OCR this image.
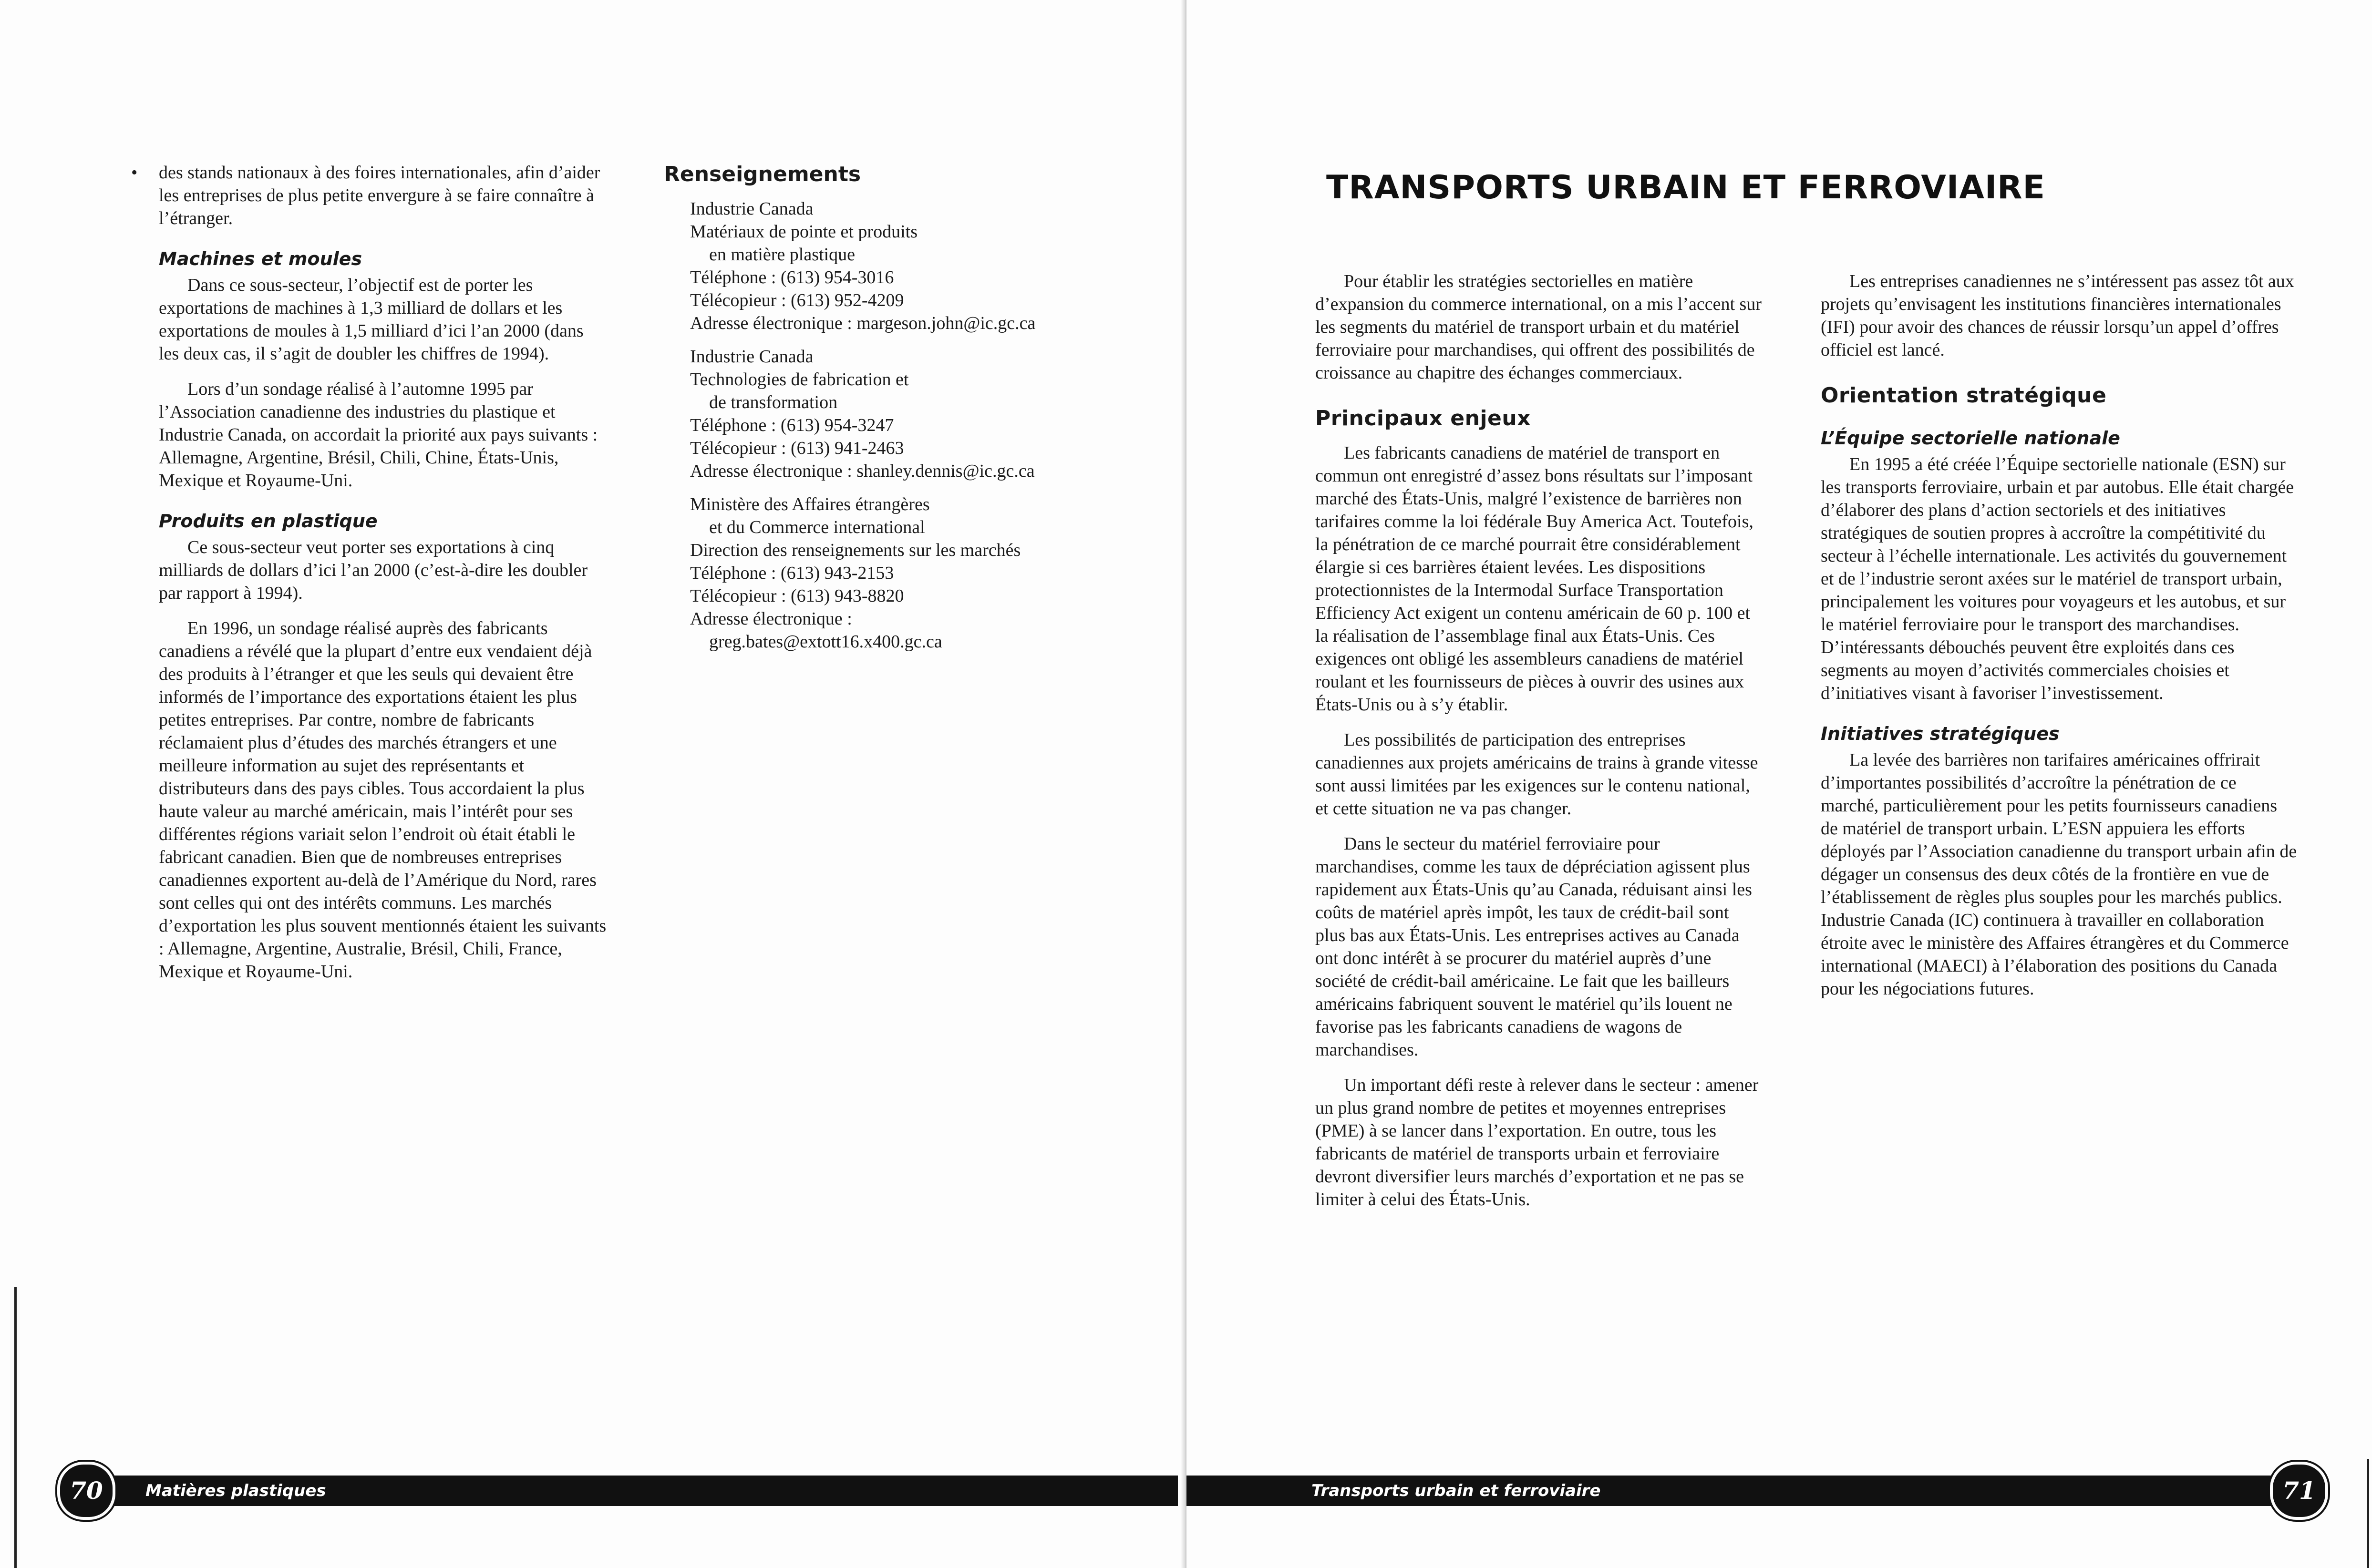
• des stands nationaux à des foires internationales, afin d’aider les entreprises de plus petite envergure à se faire connaître à l’étranger.
Machines et moules

Dans ce sous-secteur, l’objectif est de porter les exportations de machines à 1,3 milliard de dollars et les exportations de moules à 1,5 milliard d’ici l’an 2000 (dans les deux cas, il s’agit de doubler les chiffres de 1994).

Lors d’un sondage réalisé à l’automne 1995 par l’Association canadienne des industries du plastique et Industrie Canada, on accordait la priorité aux pays suivants : Allemagne, Argentine, Brésil, Chili, Chine, États-Unis, Mexique et Royaume-Uni.

Produits en plastique

Ce sous-secteur veut porter ses exportations à cinq milliards de dollars d’ici l’an 2000 (c’est-à-dire les doubler par rapport à 1994).

En 1996, un sondage réalisé auprès des fabricants canadiens a révélé que la plupart d’entre eux vendaient déjà des produits à l’étranger et que les seuls qui devaient être informés de l’importance des exportations étaient les plus petites entreprises. Par contre, nombre de fabricants réclamaient plus d’études des marchés étrangers et une meilleure information au sujet des représentants et distributeurs dans des pays cibles. Tous accordaient la plus haute valeur au marché américain, mais l’intérêt pour ses différentes régions variait selon l’endroit où était établi le fabricant canadien. Bien que de nombreuses entreprises canadiennes exportent au-delà de l’Amérique du Nord, rares sont celles qui ont des intérêts communs. Les marchés d’exportation les plus souvent mentionnés étaient les suivants : Allemagne, Argentine, Australie, Brésil, Chili, France, Mexique et Royaume-Uni.

Renseignements
Industrie Canada
Matériaux de pointe et produits
en matière plastique
Téléphone : (613) 954-3016
Télécopieur : (613) 952-4209
Adresse électronique : margeson.john@ic.gc.ca
Industrie Canada
Technologies de fabrication et
de transformation
Téléphone : (613) 954-3247
Télécopieur : (613) 941-2463
Adresse électronique : shanley.dennis@ic.gc.ca
Ministère des Affaires étrangères
et du Commerce international
Direction des renseignements sur les marchés
Téléphone : (613) 943-2153
Télécopieur : (613) 943-8820
Adresse électronique :
greg.bates@extott16.x400.gc.ca
Matières plastiques
70
TRANSPORTS URBAIN ET FERROVIAIRE

Pour établir les stratégies sectorielles en matière d’expansion du commerce international, on a mis l’accent sur les segments du matériel de transport urbain et du matériel ferroviaire pour marchandises, qui offrent des possibilités de croissance au chapitre des échanges commerciaux.

Principaux enjeux

Les fabricants canadiens de matériel de transport en commun ont enregistré d’assez bons résultats sur l’imposant marché des États-Unis, malgré l’existence de barrières non tarifaires comme la loi fédérale Buy America Act. Toutefois, la pénétration de ce marché pourrait être considérablement élargie si ces barrières étaient levées. Les dispositions protectionnistes de la Intermodal Surface Transportation Efficiency Act exigent un contenu américain de 60 p. 100 et la réalisation de l’assemblage final aux États-Unis. Ces exigences ont obligé les assembleurs canadiens de matériel roulant et les fournisseurs de pièces à ouvrir des usines aux États-Unis ou à s’y établir.

Les possibilités de participation des entreprises canadiennes aux projets américains de trains à grande vitesse sont aussi limitées par les exigences sur le contenu national, et cette situation ne va pas changer.

Dans le secteur du matériel ferroviaire pour marchandises, comme les taux de dépréciation agissent plus rapidement aux États-Unis qu’au Canada, réduisant ainsi les coûts de matériel après impôt, les taux de crédit-bail sont plus bas aux États-Unis. Les entreprises actives au Canada ont donc intérêt à se procurer du matériel auprès d’une société de crédit-bail américaine. Le fait que les bailleurs américains fabriquent souvent le matériel qu’ils louent ne favorise pas les fabricants canadiens de wagons de marchandises.

Un important défi reste à relever dans le secteur : amener un plus grand nombre de petites et moyennes entreprises (PME) à se lancer dans l’exportation. En outre, tous les fabricants de matériel de transports urbain et ferroviaire devront diversifier leurs marchés d’exportation et ne pas se limiter à celui des États-Unis.

Les entreprises canadiennes ne s’intéressent pas assez tôt aux projets qu’envisagent les institutions financières internationales (IFI) pour avoir des chances de réussir lorsqu’un appel d’offres officiel est lancé.

Orientation stratégique
L’Équipe sectorielle nationale

En 1995 a été créée l’Équipe sectorielle nationale (ESN) sur les transports ferroviaire, urbain et par autobus. Elle était chargée d’élaborer des plans d’action sectoriels et des initiatives stratégiques de soutien propres à accroître la compétitivité du secteur à l’échelle internationale. Les activités du gouvernement et de l’industrie seront axées sur le matériel de transport urbain, principalement les voitures pour voyageurs et les autobus, et sur le matériel ferroviaire pour le transport des marchandises. D’intéressants débouchés peuvent être exploités dans ces segments au moyen d’activités commerciales choisies et d’initiatives visant à favoriser l’investissement.

Initiatives stratégiques

La levée des barrières non tarifaires américaines offrirait d’importantes possibilités d’accroître la pénétration de ce marché, particulièrement pour les petits fournisseurs canadiens de matériel de transport urbain. L’ESN appuiera les efforts déployés par l’Association canadienne du transport urbain afin de dégager un consensus des deux côtés de la frontière en vue de l’établissement de règles plus souples pour les marchés publics. Industrie Canada (IC) continuera à travailler en collaboration étroite avec le ministère des Affaires étrangères et du Commerce international (MAECI) à l’élaboration des positions du Canada pour les négociations futures.

Transports urbain et ferroviaire	71
